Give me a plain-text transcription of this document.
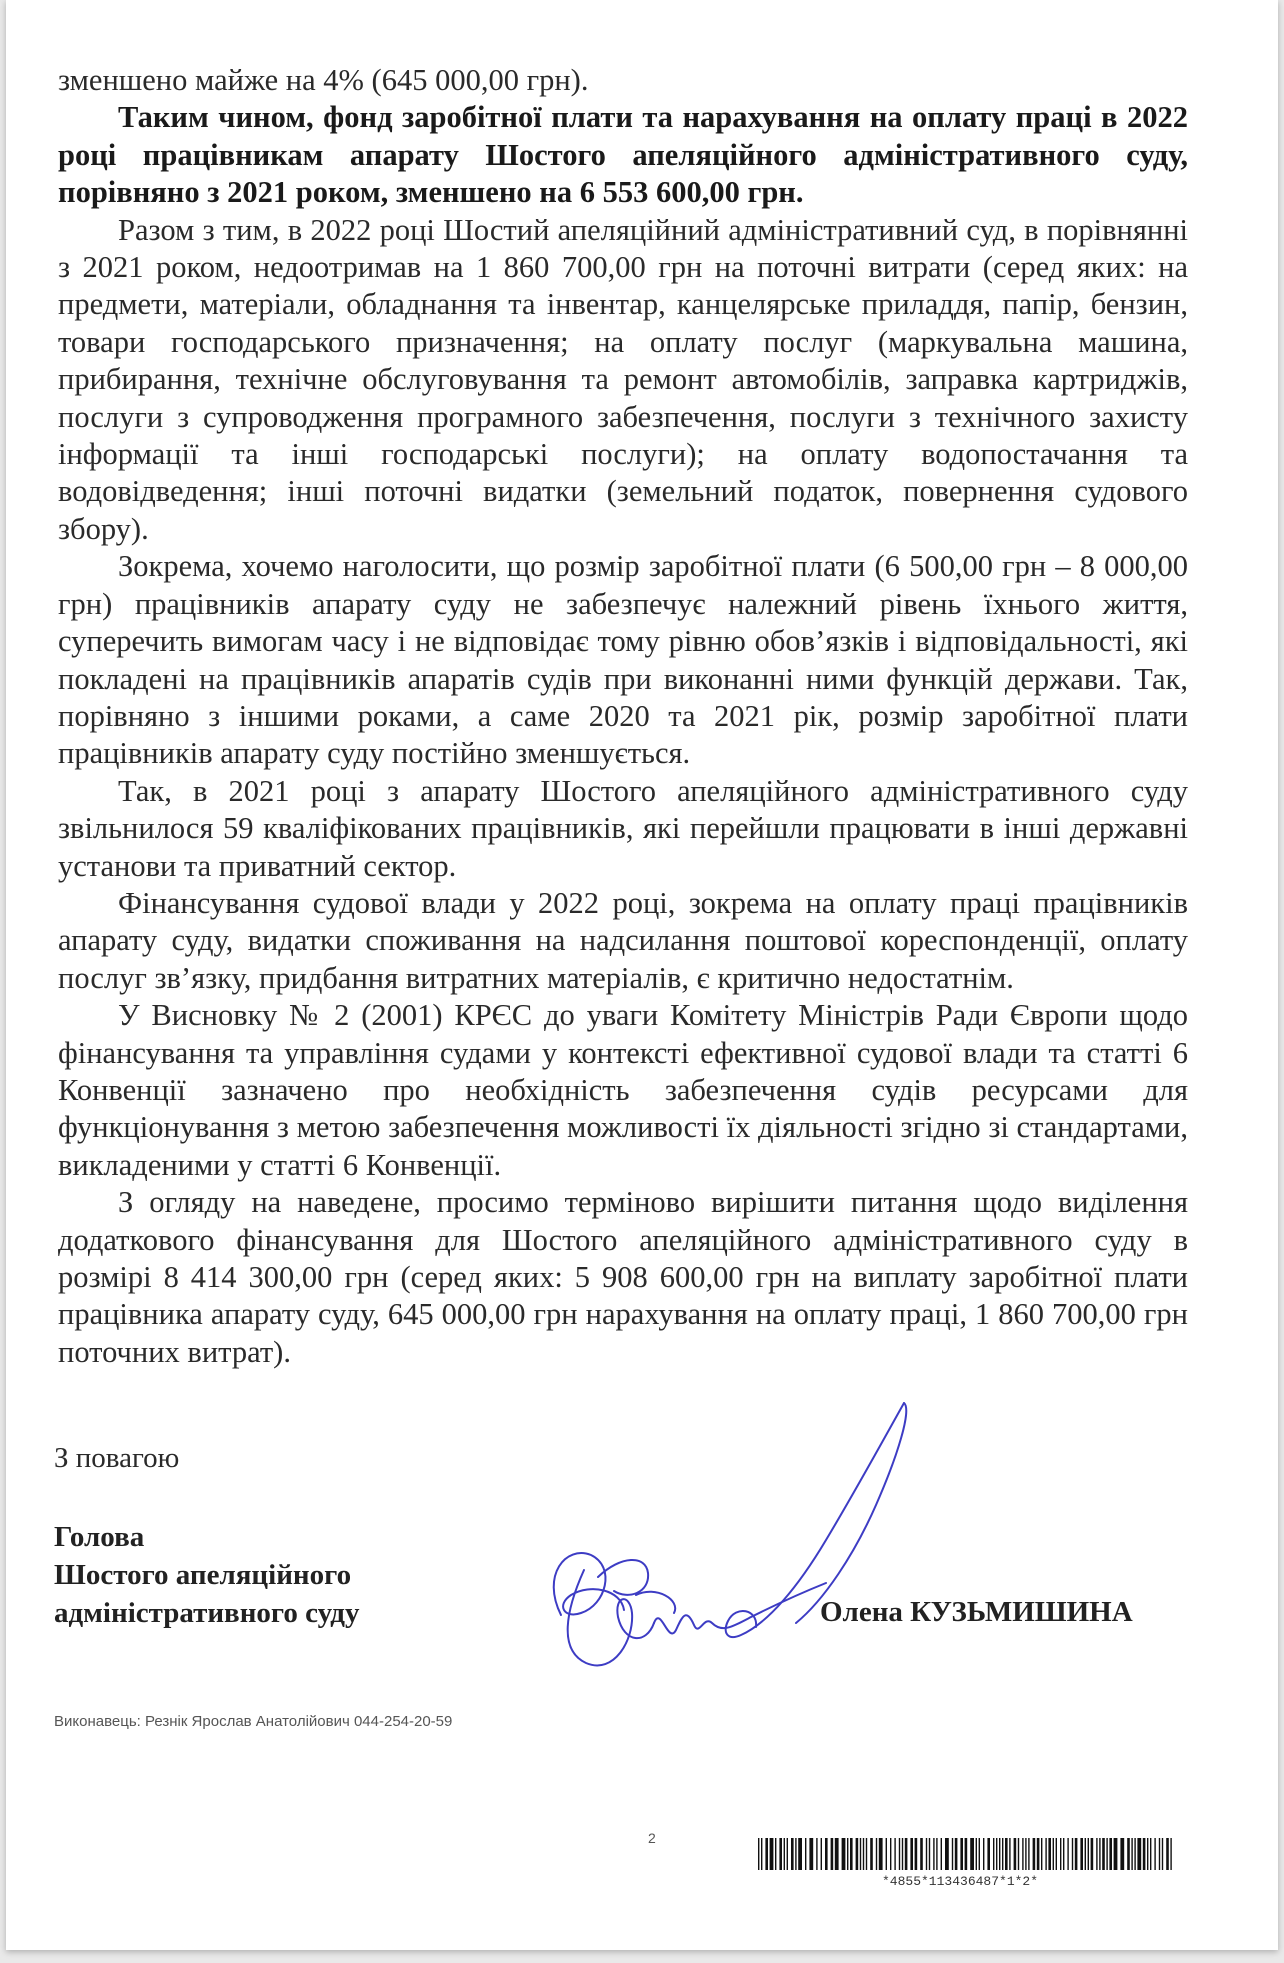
зменшено майже на 4% (645 000,00 грн).

Таким чином, фонд заробітної плати та нарахування на оплату праці в 2022 році працівникам апарату Шостого апеляційного адміністративного суду, порівняно з 2021 роком, зменшено на 6 553 600,00 грн.

Разом з тим, в 2022 році Шостий апеляційний адміністративний суд, в порівнянні з 2021 роком, недоотримав на 1 860 700,00 грн на поточні витрати (серед яких: на предмети, матеріали, обладнання та інвентар, канцелярське приладдя, папір, бензин, товари господарського призначення; на оплату послуг (маркувальна машина, прибирання, технічне обслуговування та ремонт автомобілів, заправка картриджів, послуги з супроводження програмного забезпечення, послуги з технічного захисту інформації та інші господарські послуги); на оплату водопостачання та водовідведення; інші поточні видатки (земельний податок, повернення судового збору).

Зокрема, хочемо наголосити, що розмір заробітної плати (6 500,00 грн – 8 000,00 грн) працівників апарату суду не забезпечує належний рівень їхнього життя, суперечить вимогам часу і не відповідає тому рівню обов’язків і відповідальності, які покладені на працівників апаратів судів при виконанні ними функцій держави. Так, порівняно з іншими роками, а саме 2020 та 2021 рік, розмір заробітної плати працівників апарату суду постійно зменшується.

Так, в 2021 році з апарату Шостого апеляційного адміністративного суду звільнилося 59 кваліфікованих працівників, які перейшли працювати в інші державні установи та приватний сектор.

Фінансування судової влади у 2022 році, зокрема на оплату праці працівників апарату суду, видатки споживання на надсилання поштової кореспонденції, оплату послуг зв’язку, придбання витратних матеріалів, є критично недостатнім.

У Висновку № 2 (2001) КРЄС до уваги Комітету Міністрів Ради Європи щодо фінансування та управління судами у контексті ефективної судової влади та статті 6 Конвенції зазначено про необхідність забезпечення судів ресурсами для функціонування з метою забезпечення можливості їх діяльності згідно зі стандартами, викладеними у статті 6 Конвенції.

З огляду на наведене, просимо терміново вирішити питання щодо виділення додаткового фінансування для Шостого апеляційного адміністративного суду в розмірі 8 414 300,00 грн (серед яких: 5 908 600,00 грн на виплату заробітної плати працівника апарату суду, 645 000,00 грн нарахування на оплату праці, 1 860 700,00 грн поточних витрат).

З повагою
Голова
Шостого апеляційного
адміністративного суду	Олена КУЗЬМИШИНА
Виконавець: Резнік Ярослав Анатолійович 044-254-20-59
2
*4855*113436487*1*2*
